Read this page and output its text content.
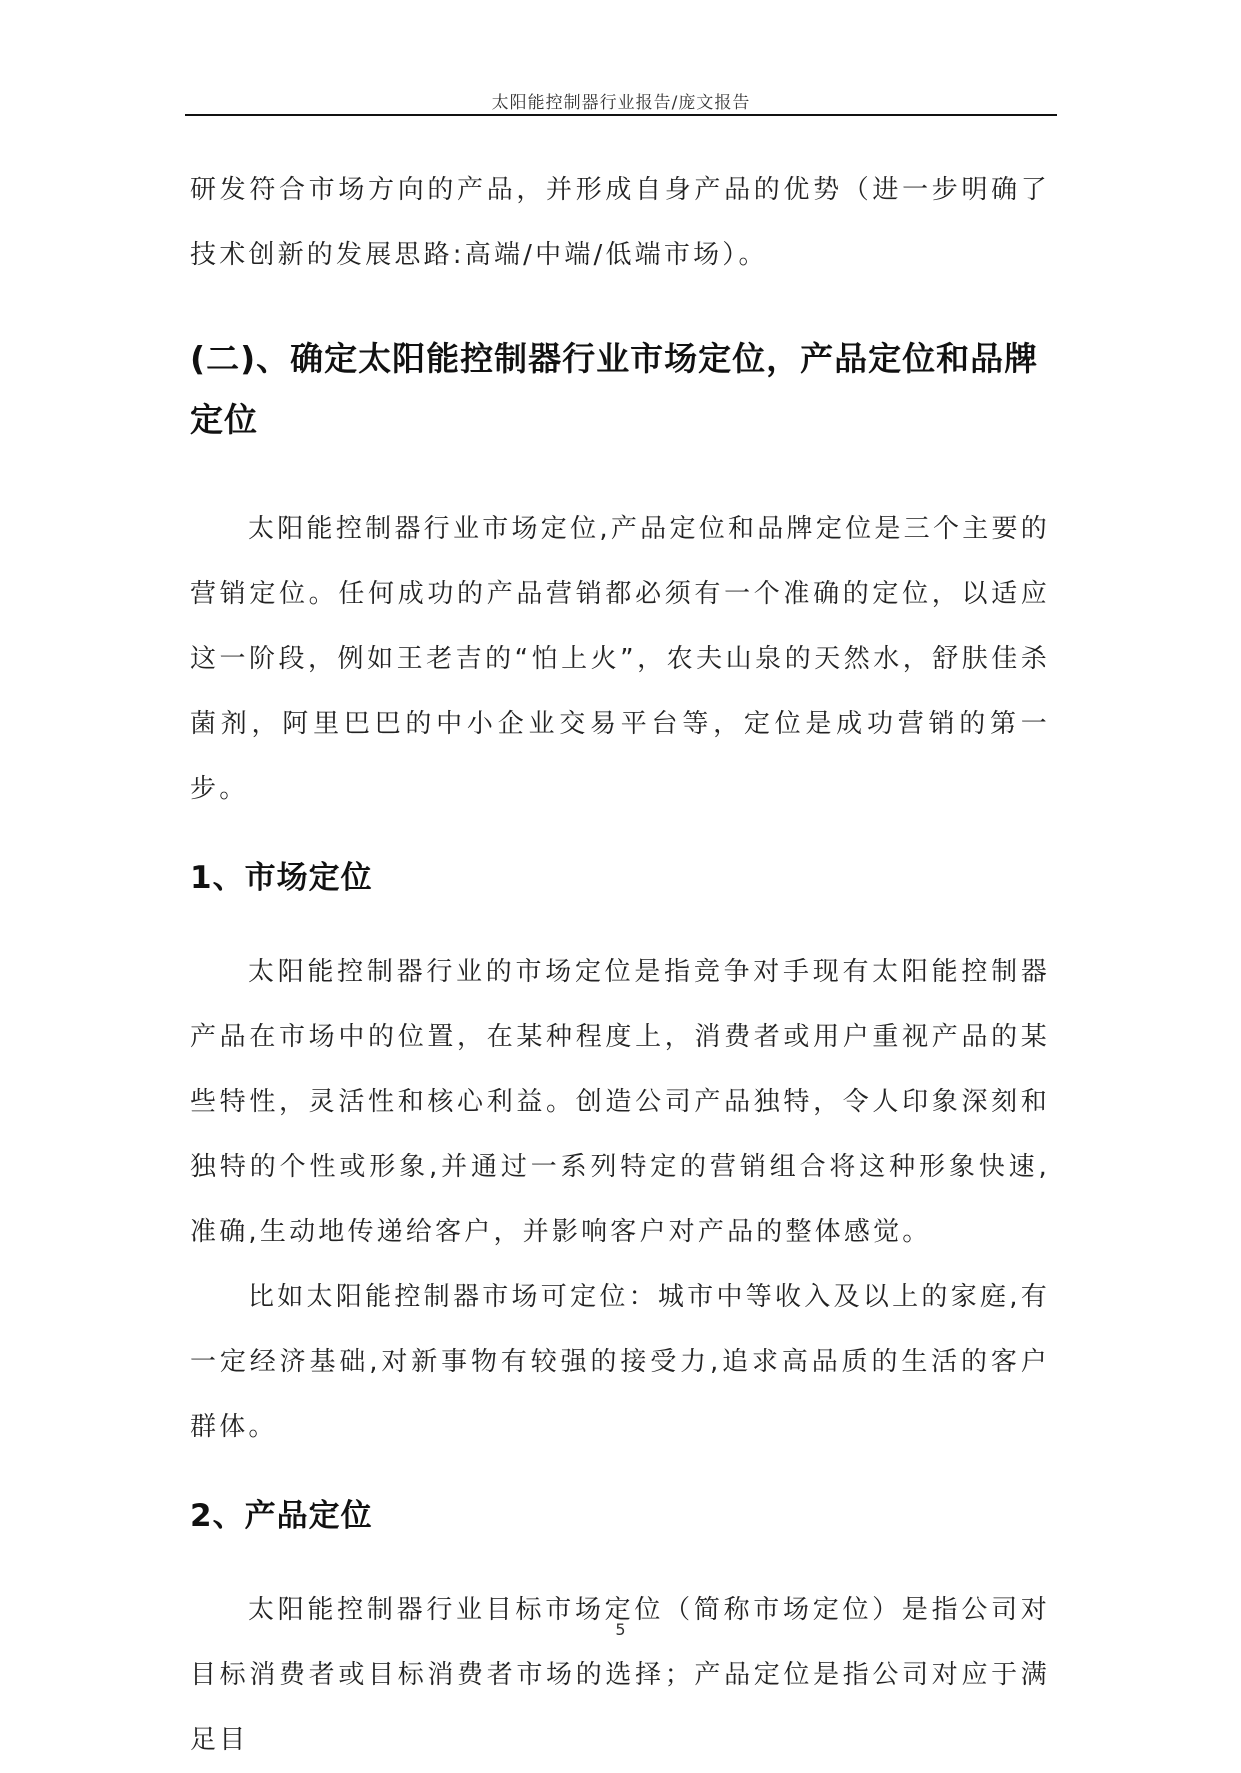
太阳能控制器行业报告/庞文报告

研发符合市场方向的产品，并形成自身产品的优势（进一步明确了技术创新的发展思路:高端/中端/低端市场）。

(二)、确定太阳能控制器行业市场定位，产品定位和品牌定位

太阳能控制器行业市场定位,产品定位和品牌定位是三个主要的营销定位。任何成功的产品营销都必须有一个准确的定位，以适应这一阶段，例如王老吉的“怕上火”，农夫山泉的天然水，舒肤佳杀菌剂，阿里巴巴的中小企业交易平台等，定位是成功营销的第一步。

1、市场定位

太阳能控制器行业的市场定位是指竞争对手现有太阳能控制器产品在市场中的位置，在某种程度上，消费者或用户重视产品的某些特性，灵活性和核心利益。创造公司产品独特，令人印象深刻和独特的个性或形象,并通过一系列特定的营销组合将这种形象快速,准确,生动地传递给客户，并影响客户对产品的整体感觉。

比如太阳能控制器市场可定位：城市中等收入及以上的家庭,有一定经济基础,对新事物有较强的接受力,追求高品质的生活的客户群体。

2、产品定位

太阳能控制器行业目标市场定位（简称市场定位）是指公司对目标消费者或目标消费者市场的选择；产品定位是指公司对应于满足目

5
